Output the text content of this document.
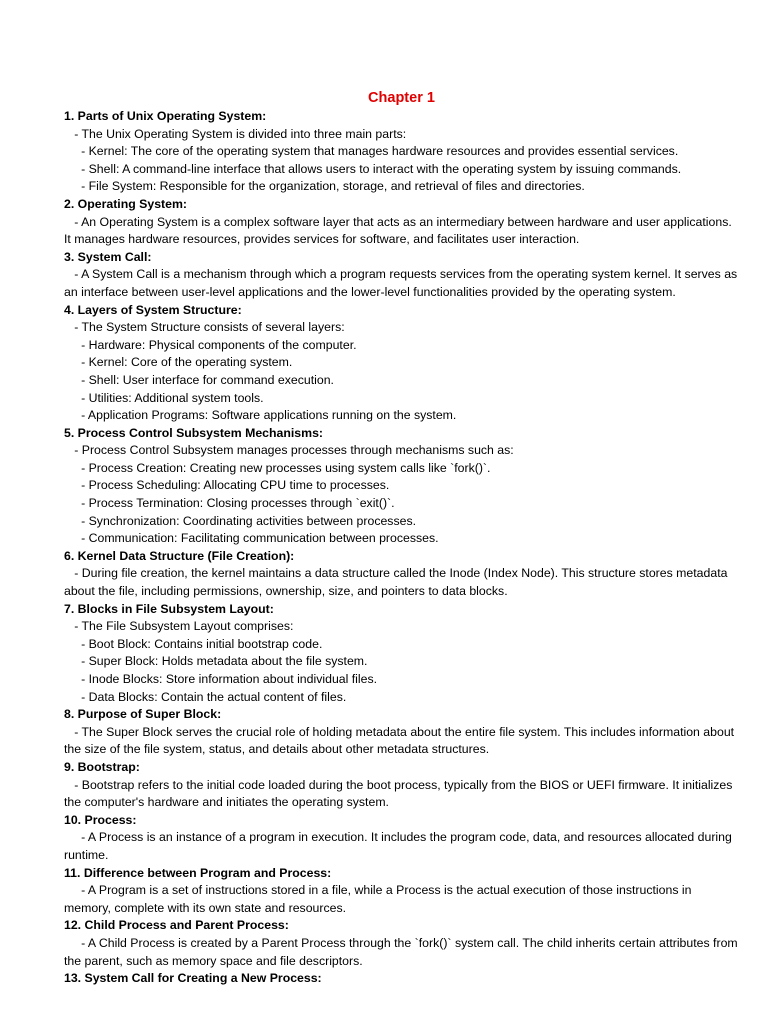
Chapter 1
1. Parts of Unix Operating System:
- The Unix Operating System is divided into three main parts:
- Kernel: The core of the operating system that manages hardware resources and provides essential services.
- Shell: A command-line interface that allows users to interact with the operating system by issuing commands.
- File System: Responsible for the organization, storage, and retrieval of files and directories.
2. Operating System:
- An Operating System is a complex software layer that acts as an intermediary between hardware and user applications. It manages hardware resources, provides services for software, and facilitates user interaction.
3. System Call:
- A System Call is a mechanism through which a program requests services from the operating system kernel. It serves as an interface between user-level applications and the lower-level functionalities provided by the operating system.
4. Layers of System Structure:
- The System Structure consists of several layers:
- Hardware: Physical components of the computer.
- Kernel: Core of the operating system.
- Shell: User interface for command execution.
- Utilities: Additional system tools.
- Application Programs: Software applications running on the system.
5. Process Control Subsystem Mechanisms:
- Process Control Subsystem manages processes through mechanisms such as:
- Process Creation: Creating new processes using system calls like `fork()`.
- Process Scheduling: Allocating CPU time to processes.
- Process Termination: Closing processes through `exit()`.
- Synchronization: Coordinating activities between processes.
- Communication: Facilitating communication between processes.
6. Kernel Data Structure (File Creation):
- During file creation, the kernel maintains a data structure called the Inode (Index Node). This structure stores metadata about the file, including permissions, ownership, size, and pointers to data blocks.
7. Blocks in File Subsystem Layout:
- The File Subsystem Layout comprises:
- Boot Block: Contains initial bootstrap code.
- Super Block: Holds metadata about the file system.
- Inode Blocks: Store information about individual files.
- Data Blocks: Contain the actual content of files.
8. Purpose of Super Block:
- The Super Block serves the crucial role of holding metadata about the entire file system. This includes information about the size of the file system, status, and details about other metadata structures.
9. Bootstrap:
- Bootstrap refers to the initial code loaded during the boot process, typically from the BIOS or UEFI firmware. It initializes the computer's hardware and initiates the operating system.
10. Process:
- A Process is an instance of a program in execution. It includes the program code, data, and resources allocated during runtime.
11. Difference between Program and Process:
- A Program is a set of instructions stored in a file, while a Process is the actual execution of those instructions in memory, complete with its own state and resources.
12. Child Process and Parent Process:
- A Child Process is created by a Parent Process through the `fork()` system call. The child inherits certain attributes from the parent, such as memory space and file descriptors.
13. System Call for Creating a New Process:
